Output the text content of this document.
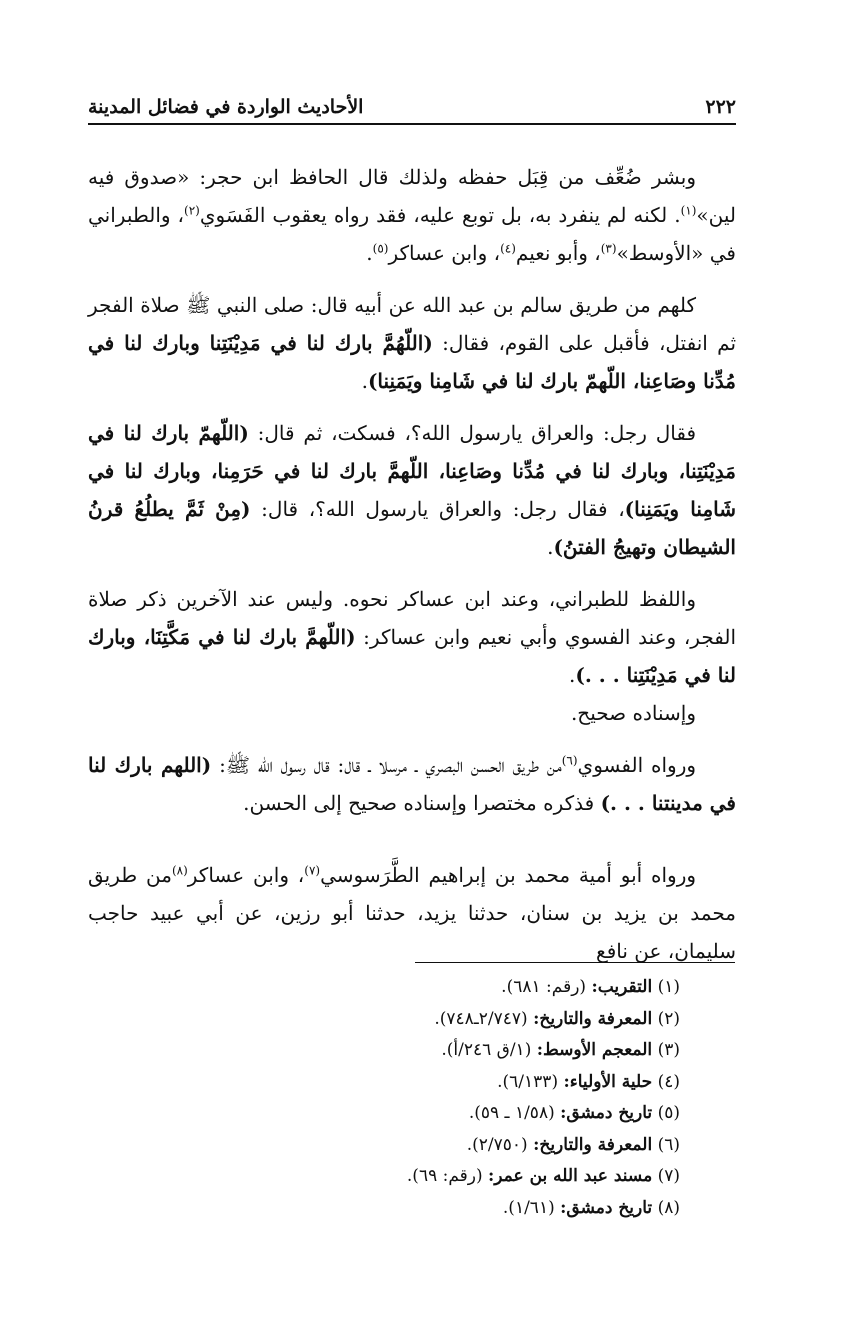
٢٢٢
الأحاديث الواردة في فضائل المدينة

وبشر ضُعِّف من قِبَل حفظه ولذلك قال الحافظ ابن حجر: «صدوق فيه لين»$^{(١)}$. لكنه لم ينفرد به، بل توبع عليه، فقد رواه يعقوب الفَسَوي$^{(٢)}$، والطبراني في «الأوسط»$^{(٣)}$، وأبو نعيم$^{(٤)}$، وابن عساكر$^{(٥)}$.

كلهم من طريق سالم بن عبد الله عن أبيه قال: صلى النبي ﷺ صلاة الفجر ثم انفتل، فأقبل على القوم، فقال: (اللّهُمَّ بارك لنا في مَدِيْنَتِنا وبارك لنا في مُدِّنا وصَاعِنا، اللّهمّ بارك لنا في شَامِنا ويَمَنِنا).

فقال رجل: والعراق يارسول الله؟، فسكت، ثم قال: (اللّهمّ بارك لنا في مَدِيْنَتِنا، وبارك لنا في مُدِّنا وصَاعِنا، اللّهمَّ بارك لنا في حَرَمِنا، وبارك لنا في شَامِنا ويَمَنِنا)، فقال رجل: والعراق يارسول الله؟، قال: (مِنْ ثَمَّ يطلُعُ قرنُ الشيطان وتهيجُ الفتنُ).

واللفظ للطبراني، وعند ابن عساكر نحوه. وليس عند الآخرين ذكر صلاة الفجر، وعند الفسوي وأبي نعيم وابن عساكر: (اللّهمَّ بارك لنا في مَكَّتِنَا، وبارك لنا في مَدِيْنَتِنا . . .).

وإسناده صحيح.

ورواه الفسوي$^{(٦)}$من طريق الحسن البصري ـ مرسلا ـ قال: قال رسول الله ﷺ: (اللهم بارك لنا في مدينتنا . . .) فذكره مختصرا وإسناده صحيح إلى الحسن.

ورواه أبو أمية محمد بن إبراهيم الطَّرَسوسي$^{(٧)}$، وابن عساكر$^{(٨)}$من طريق محمد بن يزيد بن سنان، حدثنا يزيد، حدثنا أبو رزين، عن أبي عبيد حاجب سليمان، عن نافع

(١) التقريب: (رقم: ٦٨١).
(٢) المعرفة والتاريخ: (٢/٧٤٧ـ٧٤٨).
(٣) المعجم الأوسط: (١/ق ٢٤٦/أ).
(٤) حلية الأولياء: (٦/١٣٣).
(٥) تاريخ دمشق: (١/٥٨ ـ ٥٩).
(٦) المعرفة والتاريخ: (٢/٧٥٠).
(٧) مسند عبد الله بن عمر: (رقم: ٦٩).
(٨) تاريخ دمشق: (١/٦١).
